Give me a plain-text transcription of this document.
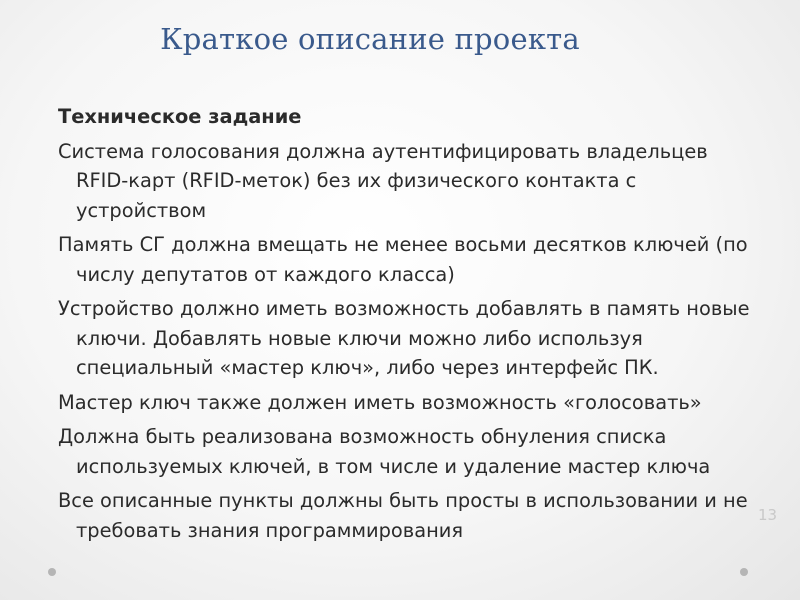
Краткое описание проекта
Техническое задание
Система голосования должна аутентифицировать владельцев RFID-карт (RFID-меток) без их физического контакта с устройством
Память СГ должна вмещать не менее восьми десятков ключей (по числу депутатов от каждого класса)
Устройство должно иметь возможность добавлять в память новые ключи. Добавлять новые ключи можно либо используя специальный «мастер ключ», либо через интерфейс ПК.
Мастер ключ также должен иметь возможность «голосовать»
Должна быть реализована возможность обнуления списка используемых ключей, в том числе и удаление мастер ключа
Все описанные пункты должны быть просты в использовании и не требовать знания программирования
13
